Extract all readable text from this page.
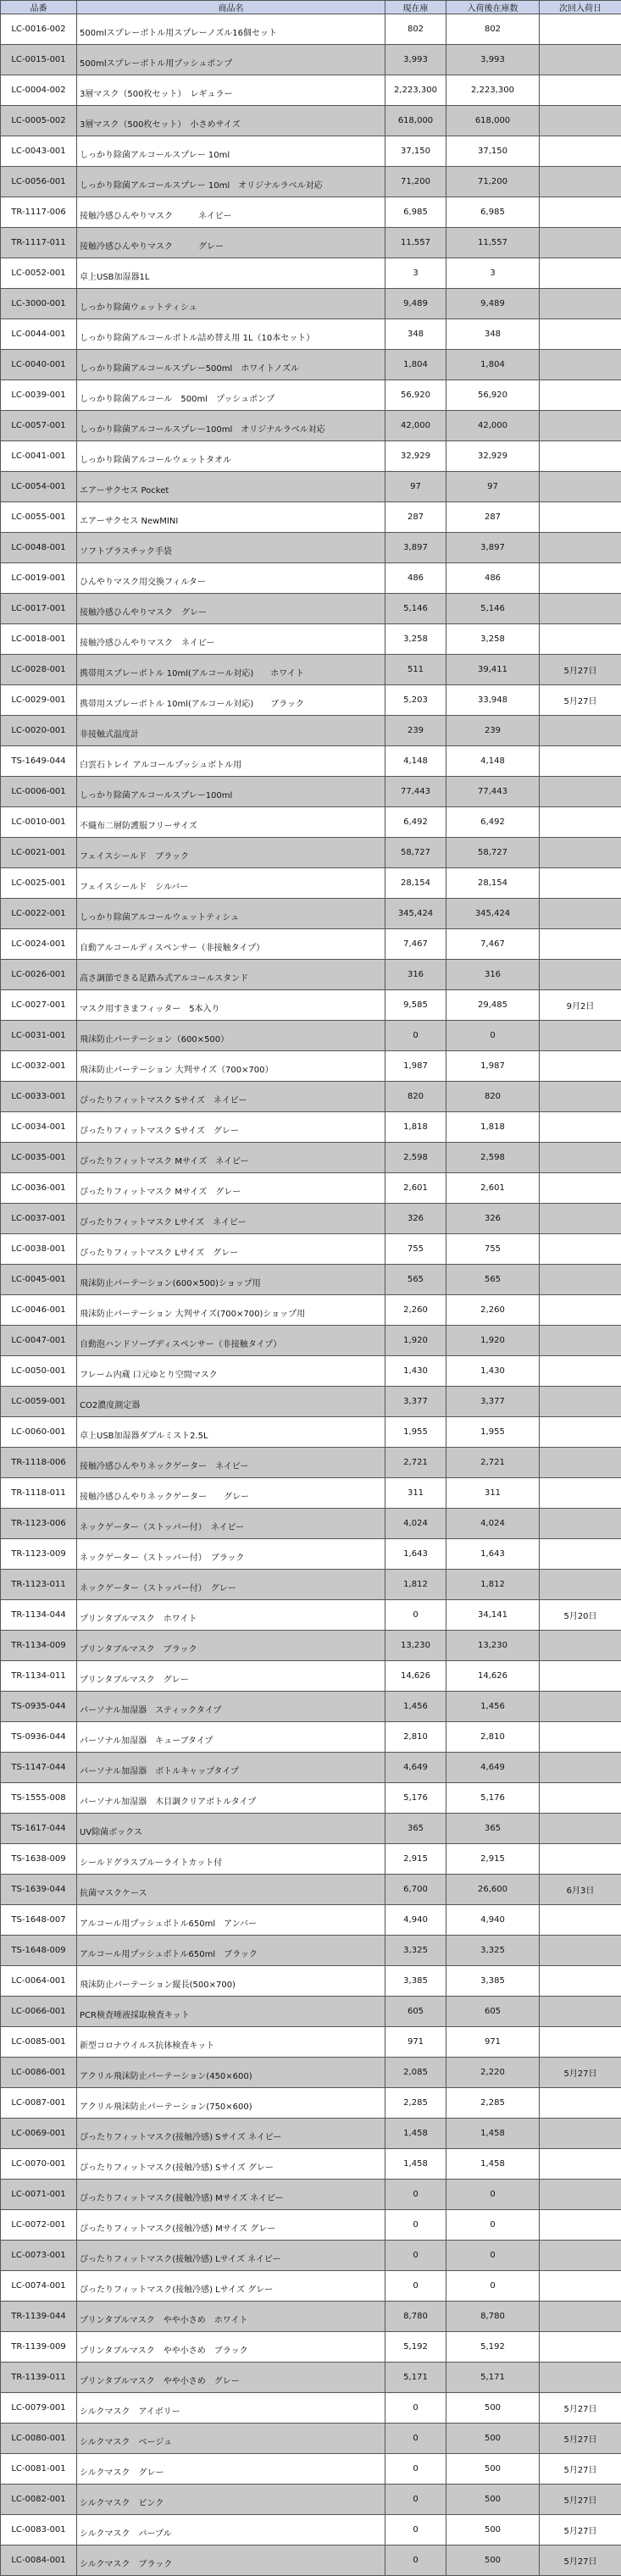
品番	商品名	現在庫	入荷後在庫数	次回入荷日
LC-0016-002	500mlスプレーボトル用スプレーノズル16個セット	802	802	
LC-0015-001	500mlスプレーボトル用プッシュポンプ	3,993	3,993	
LC-0004-002	3層マスク（500枚セット）　レギュラー	2,223,300	2,223,300	
LC-0005-002	3層マスク（500枚セット）　小さめサイズ	618,000	618,000	
LC-0043-001	しっかり除菌アルコールスプレー 10ml	37,150	37,150	
LC-0056-001	しっかり除菌アルコールスプレー 10ml　オリジナルラベル対応	71,200	71,200	
TR-1117-006	接触冷感ひんやりマスク　　　ネイビー	6,985	6,985	
TR-1117-011	接触冷感ひんやりマスク　　　グレー	11,557	11,557	
LC-0052-001	卓上USB加湿器1L	3	3	
LC-3000-001	しっかり除菌ウェットティシュ	9,489	9,489	
LC-0044-001	しっかり除菌アルコールボトル詰め替え用 1L（10本セット）	348	348	
LC-0040-001	しっかり除菌アルコールスプレー500ml　ホワイトノズル	1,804	1,804	
LC-0039-001	しっかり除菌アルコール　500ml　プッシュポンプ	56,920	56,920	
LC-0057-001	しっかり除菌アルコールスプレー100ml　オリジナルラベル対応	42,000	42,000	
LC-0041-001	しっかり除菌アルコールウェットタオル	32,929	32,929	
LC-0054-001	エアーサクセス Pocket	97	97	
LC-0055-001	エアーサクセス NewMINI	287	287	
LC-0048-001	ソフトプラスチック手袋	3,897	3,897	
LC-0019-001	ひんやりマスク用交換フィルター	486	486	
LC-0017-001	接触冷感ひんやりマスク　グレー	5,146	5,146	
LC-0018-001	接触冷感ひんやりマスク　ネイビー	3,258	3,258	
LC-0028-001	携帯用スプレーボトル 10ml(アルコール対応)　　ホワイト	511	39,411	5月27日
LC-0029-001	携帯用スプレーボトル 10ml(アルコール対応)　　ブラック	5,203	33,948	5月27日
LC-0020-001	非接触式温度計	239	239	
TS-1649-044	白雲石トレイ アルコールプッシュボトル用	4,148	4,148	
LC-0006-001	しっかり除菌アルコールスプレー100ml	77,443	77,443	
LC-0010-001	不織布二層防護服フリーサイズ	6,492	6,492	
LC-0021-001	フェイスシールド　ブラック	58,727	58,727	
LC-0025-001	フェイスシールド　シルバー	28,154	28,154	
LC-0022-001	しっかり除菌アルコールウェットティシュ	345,424	345,424	
LC-0024-001	自動アルコールディスペンサー（非接触タイプ）	7,467	7,467	
LC-0026-001	高さ調節できる足踏み式アルコールスタンド	316	316	
LC-0027-001	マスク用すきまフィッター　5本入り	9,585	29,485	9月2日
LC-0031-001	飛沫防止パーテーション（600×500）	0	0	
LC-0032-001	飛沫防止パーテーション 大判サイズ（700×700）	1,987	1,987	
LC-0033-001	ぴったりフィットマスク Sサイズ　ネイビー	820	820	
LC-0034-001	ぴったりフィットマスク Sサイズ　グレー	1,818	1,818	
LC-0035-001	ぴったりフィットマスク Mサイズ　ネイビー	2,598	2,598	
LC-0036-001	ぴったりフィットマスク Mサイズ　グレー	2,601	2,601	
LC-0037-001	ぴったりフィットマスク Lサイズ　ネイビー	326	326	
LC-0038-001	ぴったりフィットマスク Lサイズ　グレー	755	755	
LC-0045-001	飛沫防止パーテーション(600×500)ショップ用	565	565	
LC-0046-001	飛沫防止パーテーション 大判サイズ(700×700)ショップ用	2,260	2,260	
LC-0047-001	自動泡ハンドソープディスペンサー（非接触タイプ）	1,920	1,920	
LC-0050-001	フレーム内蔵 口元ゆとり空間マスク	1,430	1,430	
LC-0059-001	CO2濃度測定器	3,377	3,377	
LC-0060-001	卓上USB加湿器ダブルミスト2.5L	1,955	1,955	
TR-1118-006	接触冷感ひんやりネックゲーター　ネイビー	2,721	2,721	
TR-1118-011	接触冷感ひんやりネックゲーター　　グレー	311	311	
TR-1123-006	ネックゲーター（ストッパー付）　ネイビー	4,024	4,024	
TR-1123-009	ネックゲーター（ストッパー付）　ブラック	1,643	1,643	
TR-1123-011	ネックゲーター（ストッパー付）　グレー	1,812	1,812	
TR-1134-044	プリンタブルマスク　ホワイト	0	34,141	5月20日
TR-1134-009	プリンタブルマスク　ブラック	13,230	13,230	
TR-1134-011	プリンタブルマスク　グレー	14,626	14,626	
TS-0935-044	パーソナル加湿器　スティックタイプ	1,456	1,456	
TS-0936-044	パーソナル加湿器　キューブタイプ	2,810	2,810	
TS-1147-044	パーソナル加湿器　ボトルキャップタイプ	4,649	4,649	
TS-1555-008	パーソナル加湿器　木目調クリアボトルタイプ	5,176	5,176	
TS-1617-044	UV除菌ボックス	365	365	
TS-1638-009	シールドグラスブルーライトカット付	2,915	2,915	
TS-1639-044	抗菌マスクケース	6,700	26,600	6月3日
TS-1648-007	アルコール用プッシュボトル650ml　アンバー	4,940	4,940	
TS-1648-009	アルコール用プッシュボトル650ml　ブラック	3,325	3,325	
LC-0064-001	飛沫防止パーテーション縦長(500×700)	3,385	3,385	
LC-0066-001	PCR検査唾液採取検査キット	605	605	
LC-0085-001	新型コロナウイルス抗体検査キット	971	971	
LC-0086-001	アクリル飛沫防止パーテーション(450×600)	2,085	2,220	5月27日
LC-0087-001	アクリル飛沫防止パーテーション(750×600)	2,285	2,285	
LC-0069-001	ぴったりフィットマスク(接触冷感) Sサイズ ネイビー	1,458	1,458	
LC-0070-001	ぴったりフィットマスク(接触冷感) Sサイズ グレー	1,458	1,458	
LC-0071-001	ぴったりフィットマスク(接触冷感) Mサイズ ネイビー	0	0	
LC-0072-001	ぴったりフィットマスク(接触冷感) Mサイズ グレー	0	0	
LC-0073-001	ぴったりフィットマスク(接触冷感) Lサイズ ネイビー	0	0	
LC-0074-001	ぴったりフィットマスク(接触冷感) Lサイズ グレー	0	0	
TR-1139-044	プリンタブルマスク　やや小さめ　ホワイト	8,780	8,780	
TR-1139-009	プリンタブルマスク　やや小さめ　ブラック	5,192	5,192	
TR-1139-011	プリンタブルマスク　やや小さめ　グレー	5,171	5,171	
LC-0079-001	シルクマスク　アイボリー	0	500	5月27日
LC-0080-001	シルクマスク　ベージュ	0	500	5月27日
LC-0081-001	シルクマスク　グレー	0	500	5月27日
LC-0082-001	シルクマスク　ピンク	0	500	5月27日
LC-0083-001	シルクマスク　パープル	0	500	5月27日
LC-0084-001	シルクマスク　ブラック	0	500	5月27日
